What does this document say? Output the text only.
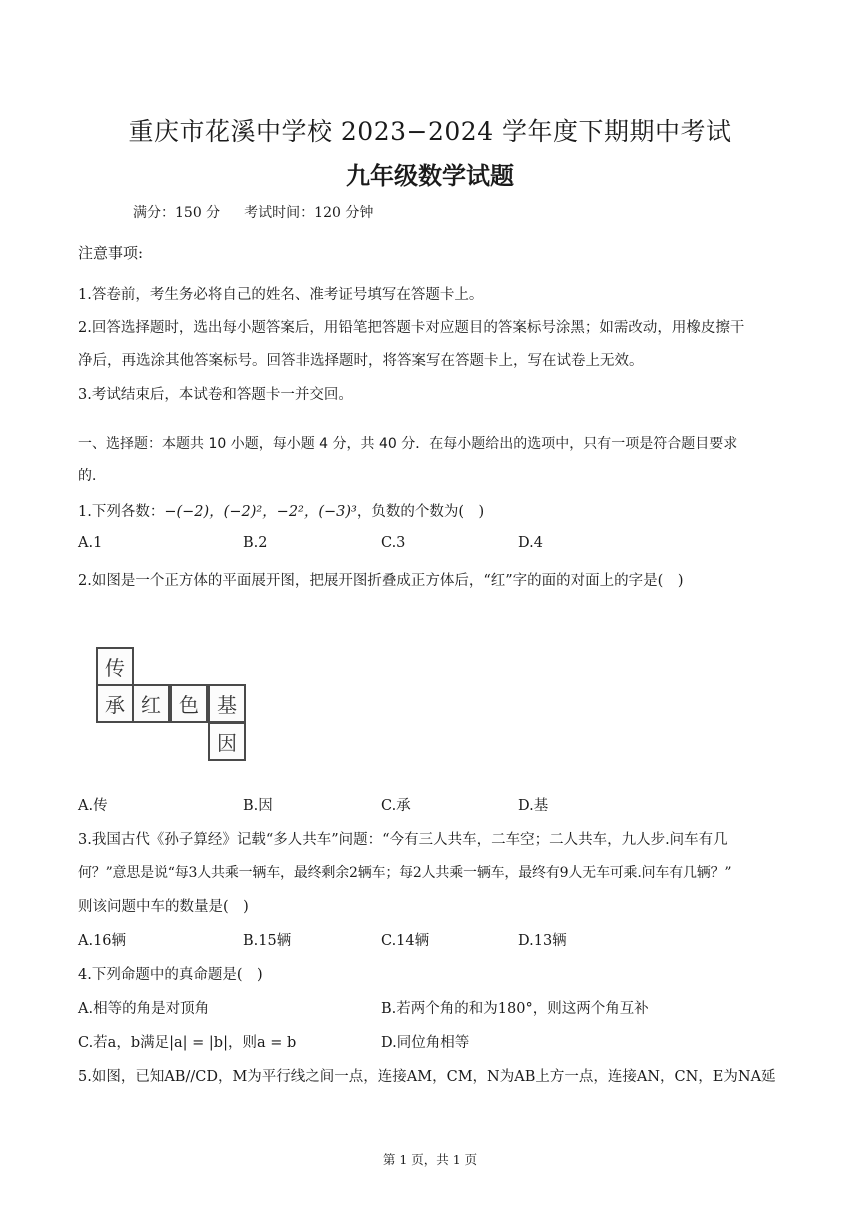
重庆市花溪中学校 2023−2024 学年度下期期中考试
九年级数学试题
满分：150 分 考试时间：120 分钟
注意事项:
1.答卷前，考生务必将自己的姓名、准考证号填写在答题卡上。
2.回答选择题时，选出每小题答案后，用铅笔把答题卡对应题目的答案标号涂黑；如需改动，用橡皮擦干
净后，再选涂其他答案标号。回答非选择题时，将答案写在答题卡上，写在试卷上无效。
3.考试结束后，本试卷和答题卡一并交回。
一、选择题：本题共 10 小题，每小题 4 分，共 40 分．在每小题给出的选项中，只有一项是符合题目要求
的．
1.下列各数：−(−2)，(−2)²，−2²，(−3)³，负数的个数为(　)
A.1	B.2	C.3	D.4
2.如图是一个正方体的平面展开图，把展开图折叠成正方体后，“红”字的面的对面上的字是(　)
传
承 红 色 基
因
A.传	B.因	C.承	D.基
3.我国古代《孙子算经》记载“多人共车”问题：“今有三人共车，二车空；二人共车，九人步.问车有几
何？”意思是说“每3人共乘一辆车，最终剩余2辆车；每2人共乘一辆车，最终有9人无车可乘.问车有几辆？”
则该问题中车的数量是(　)
A.16辆	B.15辆	C.14辆	D.13辆
4.下列命题中的真命题是(　)
A.相等的角是对顶角	B.若两个角的和为180°，则这两个角互补
C.若a，b满足|a| = |b|，则a = b	D.同位角相等
5.如图，已知AB//CD，M为平行线之间一点，连接AM，CM，N为AB上方一点，连接AN，CN，E为NA延
第 1 页，共 1 页
